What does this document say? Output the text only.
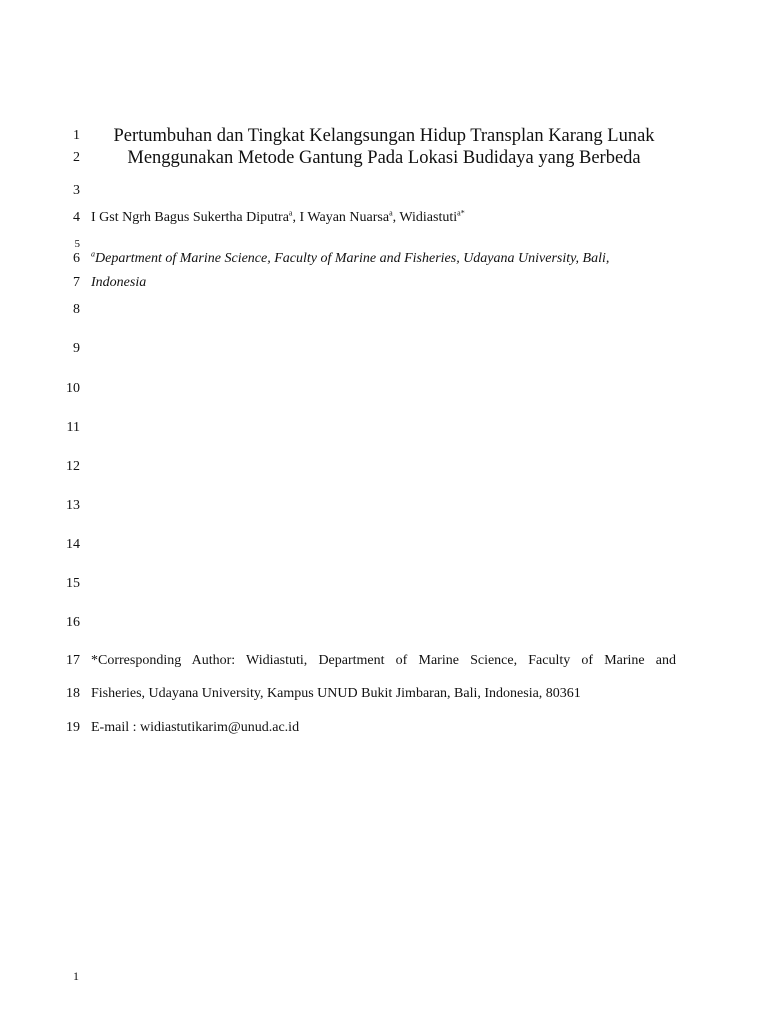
1
2
3
4
5
6
7
8
9
10
11
12
13
14
15
16
17
18
19
Pertumbuhan dan Tingkat Kelangsungan Hidup Transplan Karang Lunak
Menggunakan Metode Gantung Pada Lokasi Budidaya yang Berbeda
I Gst Ngrh Bagus Sukertha Diputra$^a$, I Wayan Nuarsa$^a$, Widiastuti$^{a*}$
$^a$Department of Marine Science, Faculty of Marine and Fisheries, Udayana University, Bali,
Indonesia
*Corresponding Author: Widiastuti, Department of Marine Science, Faculty of Marine and
Fisheries, Udayana University, Kampus UNUD Bukit Jimbaran, Bali, Indonesia, 80361
E-mail : widiastutikarim@unud.ac.id
1
